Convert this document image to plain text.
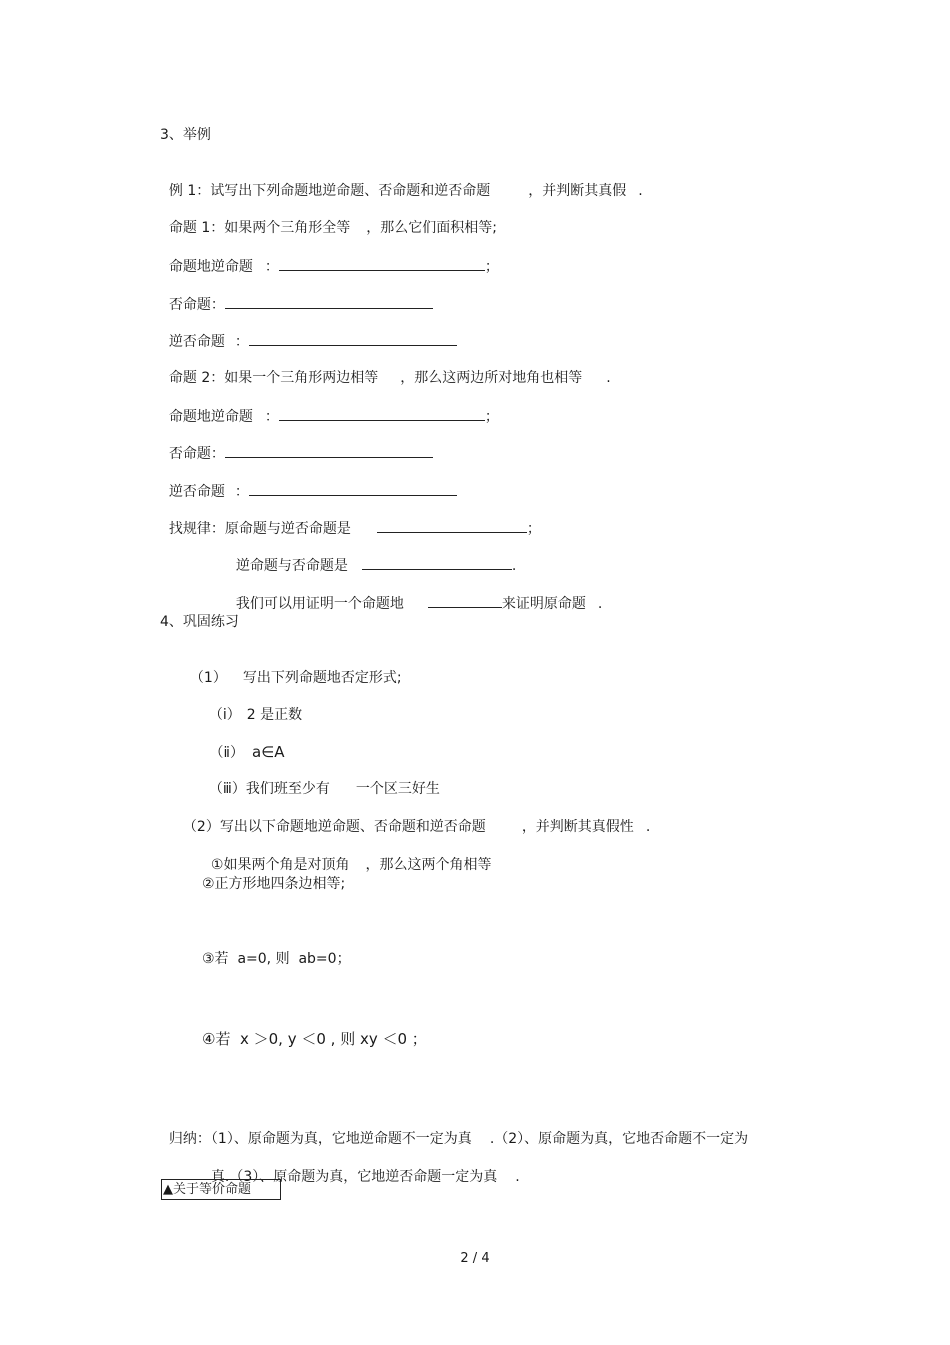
3、举例

例 1：试写出下列命题地逆命题、否命题和逆否命题	，并判断其真假 .

命题 1：如果两个三角形全等 ，那么它们面积相等;

命题地逆命题 ：	；

否命题：

逆否命题 ：

命题 2：如果一个三角形两边相等 ，那么这两边所对地角也相等 .

命题地逆命题 ：	；

否命题：

逆否命题 ：

找规律：原命题与逆否命题是	；

逆命题与否命题是	.

我们可以用证明一个命题地	来证明原命题 .

4、巩固练习

（1） 写出下列命题地否定形式;

（ⅰ） 2 是正数

（ⅱ） a∈A

（ⅲ）我们班至少有 一个区三好生

（2）写出以下命题地逆命题、否命题和逆否命题	，并判断其真假性 .

①如果两个角是对顶角 ，那么这两个角相等

②正方形地四条边相等;
③若  a=0, 则  ab=0；
④若  x ＞0, y ＜0 , 则 xy ＜0 ；

归纳：（1）、原命题为真，它地逆命题不一定为真 .（2）、原命题为真，它地否命题不一定为

真.（3）、原命题为真，它地逆否命题一定为真 .

▲关于等价命题
2 / 4
